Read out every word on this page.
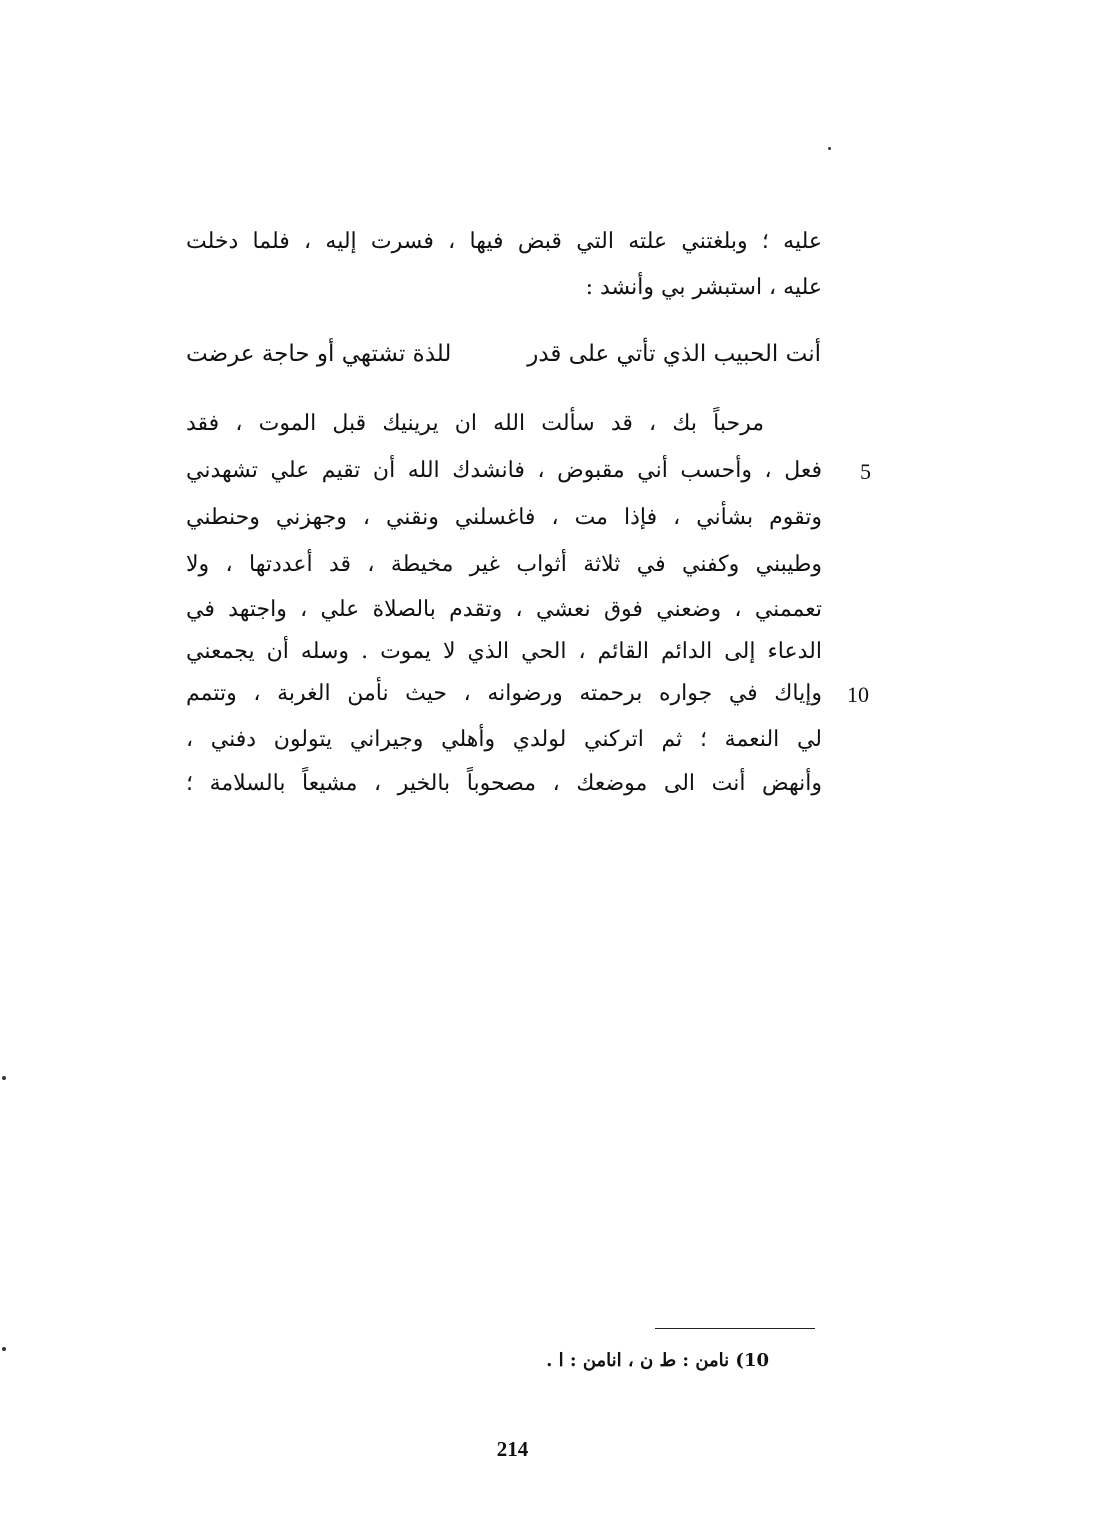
عليه ؛ وبلغتني علته التي قبض فيها ، فسرت إليه ، فلما دخلت
عليه ، استبشر بي وأنشد :
أنت الحبيب الذي تأتي على قدر
للذة تشتهي أو حاجة عرضت
مرحباً بك ، قد سألت الله ان يرينيك قبل الموت ، فقد
فعل ، وأحسب أني مقبوض ، فانشدك الله أن تقيم علي تشهدني
وتقوم بشأني ، فإذا مت ، فاغسلني ونقني ، وجهزني وحنطني
وطيبني وكفني في ثلاثة أثواب غير مخيطة ، قد أعددتها ، ولا
تعممني ، وضعني فوق نعشي ، وتقدم بالصلاة علي ، واجتهد في
الدعاء إلى الدائم القائم ، الحي الذي لا يموت . وسله أن يجمعني
وإياك في جواره برحمته ورضوانه ، حيث نأمن الغربة ، وتتمم
لي النعمة ؛ ثم اتركني لولدي وأهلي وجيراني يتولون دفني ،
وأنهض أنت الى موضعك ، مصحوباً بالخير ، مشيعاً بالسلامة ؛
5
10
10) نامن : ط ن ، انامن : ا .
214
